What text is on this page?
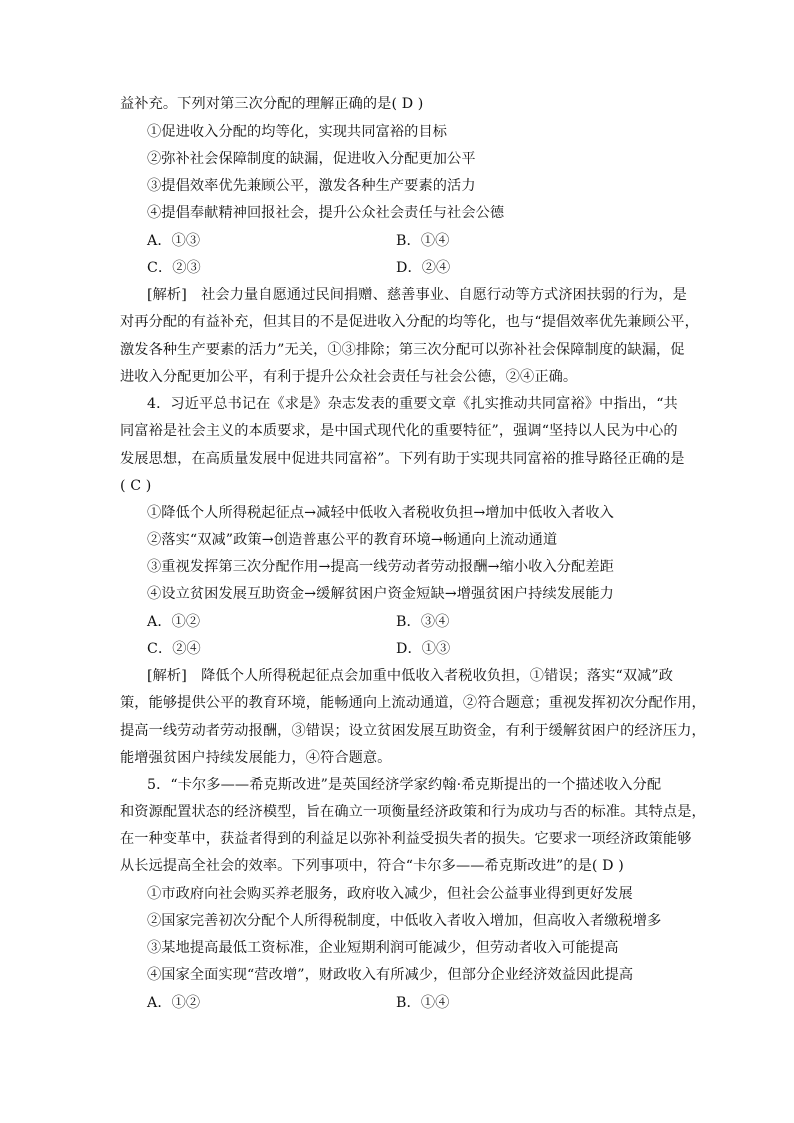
益补充。下列对第三次分配的理解正确的是( D )
①促进收入分配的均等化，实现共同富裕的目标
②弥补社会保障制度的缺漏，促进收入分配更加公平
③提倡效率优先兼顾公平，激发各种生产要素的活力
④提倡奉献精神回报社会，提升公众社会责任与社会公德
A．①③	B．①④
C．②③	D．②④
[解析]　社会力量自愿通过民间捐赠、慈善事业、自愿行动等方式济困扶弱的行为，是
对再分配的有益补充，但其目的不是促进收入分配的均等化，也与“提倡效率优先兼顾公平，
激发各种生产要素的活力”无关，①③排除；第三次分配可以弥补社会保障制度的缺漏，促
进收入分配更加公平，有利于提升公众社会责任与社会公德，②④正确。
4．习近平总书记在《求是》杂志发表的重要文章《扎实推动共同富裕》中指出，“共
同富裕是社会主义的本质要求，是中国式现代化的重要特征”，强调“坚持以人民为中心的
发展思想，在高质量发展中促进共同富裕”。下列有助于实现共同富裕的推导路径正确的是
( C )
①降低个人所得税起征点→减轻中低收入者税收负担→增加中低收入者收入
②落实“双减”政策→创造普惠公平的教育环境→畅通向上流动通道
③重视发挥第三次分配作用→提高一线劳动者劳动报酬→缩小收入分配差距
④设立贫困发展互助资金→缓解贫困户资金短缺→增强贫困户持续发展能力
A．①②	B．③④
C．②④	D．①③
[解析]　降低个人所得税起征点会加重中低收入者税收负担，①错误；落实“双减”政
策，能够提供公平的教育环境，能畅通向上流动通道，②符合题意；重视发挥初次分配作用，
提高一线劳动者劳动报酬，③错误；设立贫困发展互助资金，有利于缓解贫困户的经济压力，
能增强贫困户持续发展能力，④符合题意。
5．“卡尔多——希克斯改进”是英国经济学家约翰·希克斯提出的一个描述收入分配
和资源配置状态的经济模型，旨在确立一项衡量经济政策和行为成功与否的标准。其特点是，
在一种变革中，获益者得到的利益足以弥补利益受损失者的损失。它要求一项经济政策能够
从长远提高全社会的效率。下列事项中，符合“卡尔多——希克斯改进”的是( D )
①市政府向社会购买养老服务，政府收入减少，但社会公益事业得到更好发展
②国家完善初次分配个人所得税制度，中低收入者收入增加，但高收入者缴税增多
③某地提高最低工资标准，企业短期利润可能减少，但劳动者收入可能提高
④国家全面实现“营改增”，财政收入有所减少，但部分企业经济效益因此提高
A．①②	B．①④
